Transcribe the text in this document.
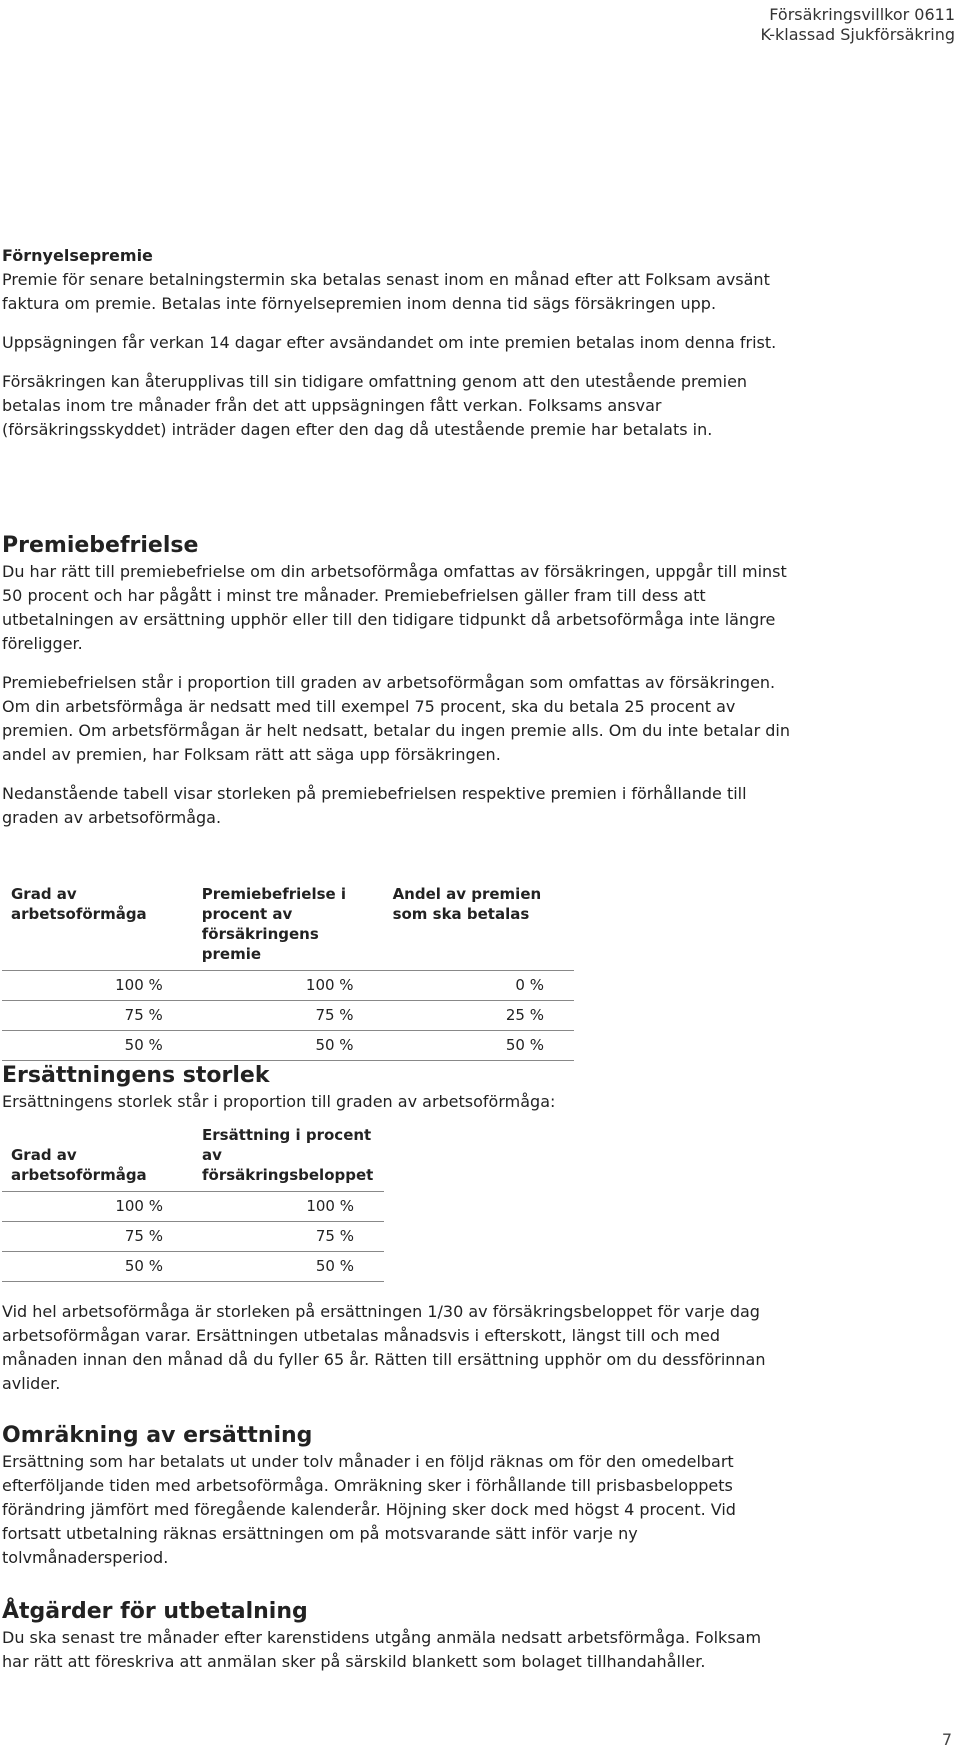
Försäkringsvillkor 0611
K-klassad Sjukförsäkring
Förnyelsepremie

Premie för senare betalningstermin ska betalas senast inom en månad efter att Folksam avsänt faktura om premie. Betalas inte förnyelsepremien inom denna tid sägs försäkringen upp.

Uppsägningen får verkan 14 dagar efter avsändandet om inte premien betalas inom denna frist.

Försäkringen kan återupplivas till sin tidigare omfattning genom att den utestående premien betalas inom tre månader från det att uppsägningen fått verkan. Folksams ansvar (försäkringsskyddet) inträder dagen efter den dag då utestående premie har betalats in.

Premiebefrielse

Du har rätt till premiebefrielse om din arbetsoförmåga omfattas av försäkringen, uppgår till minst 50 procent och har pågått i minst tre månader. Premiebefrielsen gäller fram till dess att utbetalningen av ersättning upphör eller till den tidigare tidpunkt då arbetsoförmåga inte längre föreligger.

Premiebefrielsen står i proportion till graden av arbetsoförmågan som omfattas av försäkringen. Om din arbetsförmåga är nedsatt med till exempel 75 procent, ska du betala 25 procent av premien. Om arbetsförmågan är helt nedsatt, betalar du ingen premie alls. Om du inte betalar din andel av premien, har Folksam rätt att säga upp försäkringen.

Nedanstående tabell visar storleken på premiebefrielsen respektive premien i förhållande till graden av arbetsoförmåga.

Grad av arbetsoförmåga	Premiebefrielse i procent av försäkringens premie	Andel av premien som ska betalas
100 %	100 %	0 %
75 %	75 %	25 %
50 %	50 %	50 %
Ersättningens storlek

Ersättningens storlek står i proportion till graden av arbetsoförmåga:

Grad av arbetsoförmåga	Ersättning i procent av försäkringsbeloppet
100 %	100 %
75 %	75 %
50 %	50 %

Vid hel arbetsoförmåga är storleken på ersättningen 1/30 av försäkringsbeloppet för varje dag arbetsoförmågan varar. Ersättningen utbetalas månadsvis i efterskott, längst till och med månaden innan den månad då du fyller 65 år. Rätten till ersättning upphör om du dessförinnan avlider.

Omräkning av ersättning

Ersättning som har betalats ut under tolv månader i en följd räknas om för den omedelbart efterföljande tiden med arbetsoförmåga. Omräkning sker i förhållande till prisbasbeloppets förändring jämfört med föregående kalenderår. Höjning sker dock med högst 4 procent. Vid fortsatt utbetalning räknas ersättningen om på motsvarande sätt inför varje ny tolvmånadersperiod.

Åtgärder för utbetalning

Du ska senast tre månader efter karenstidens utgång anmäla nedsatt arbetsförmåga. Folksam har rätt att föreskriva att anmälan sker på särskild blankett som bolaget tillhandahåller.

7
